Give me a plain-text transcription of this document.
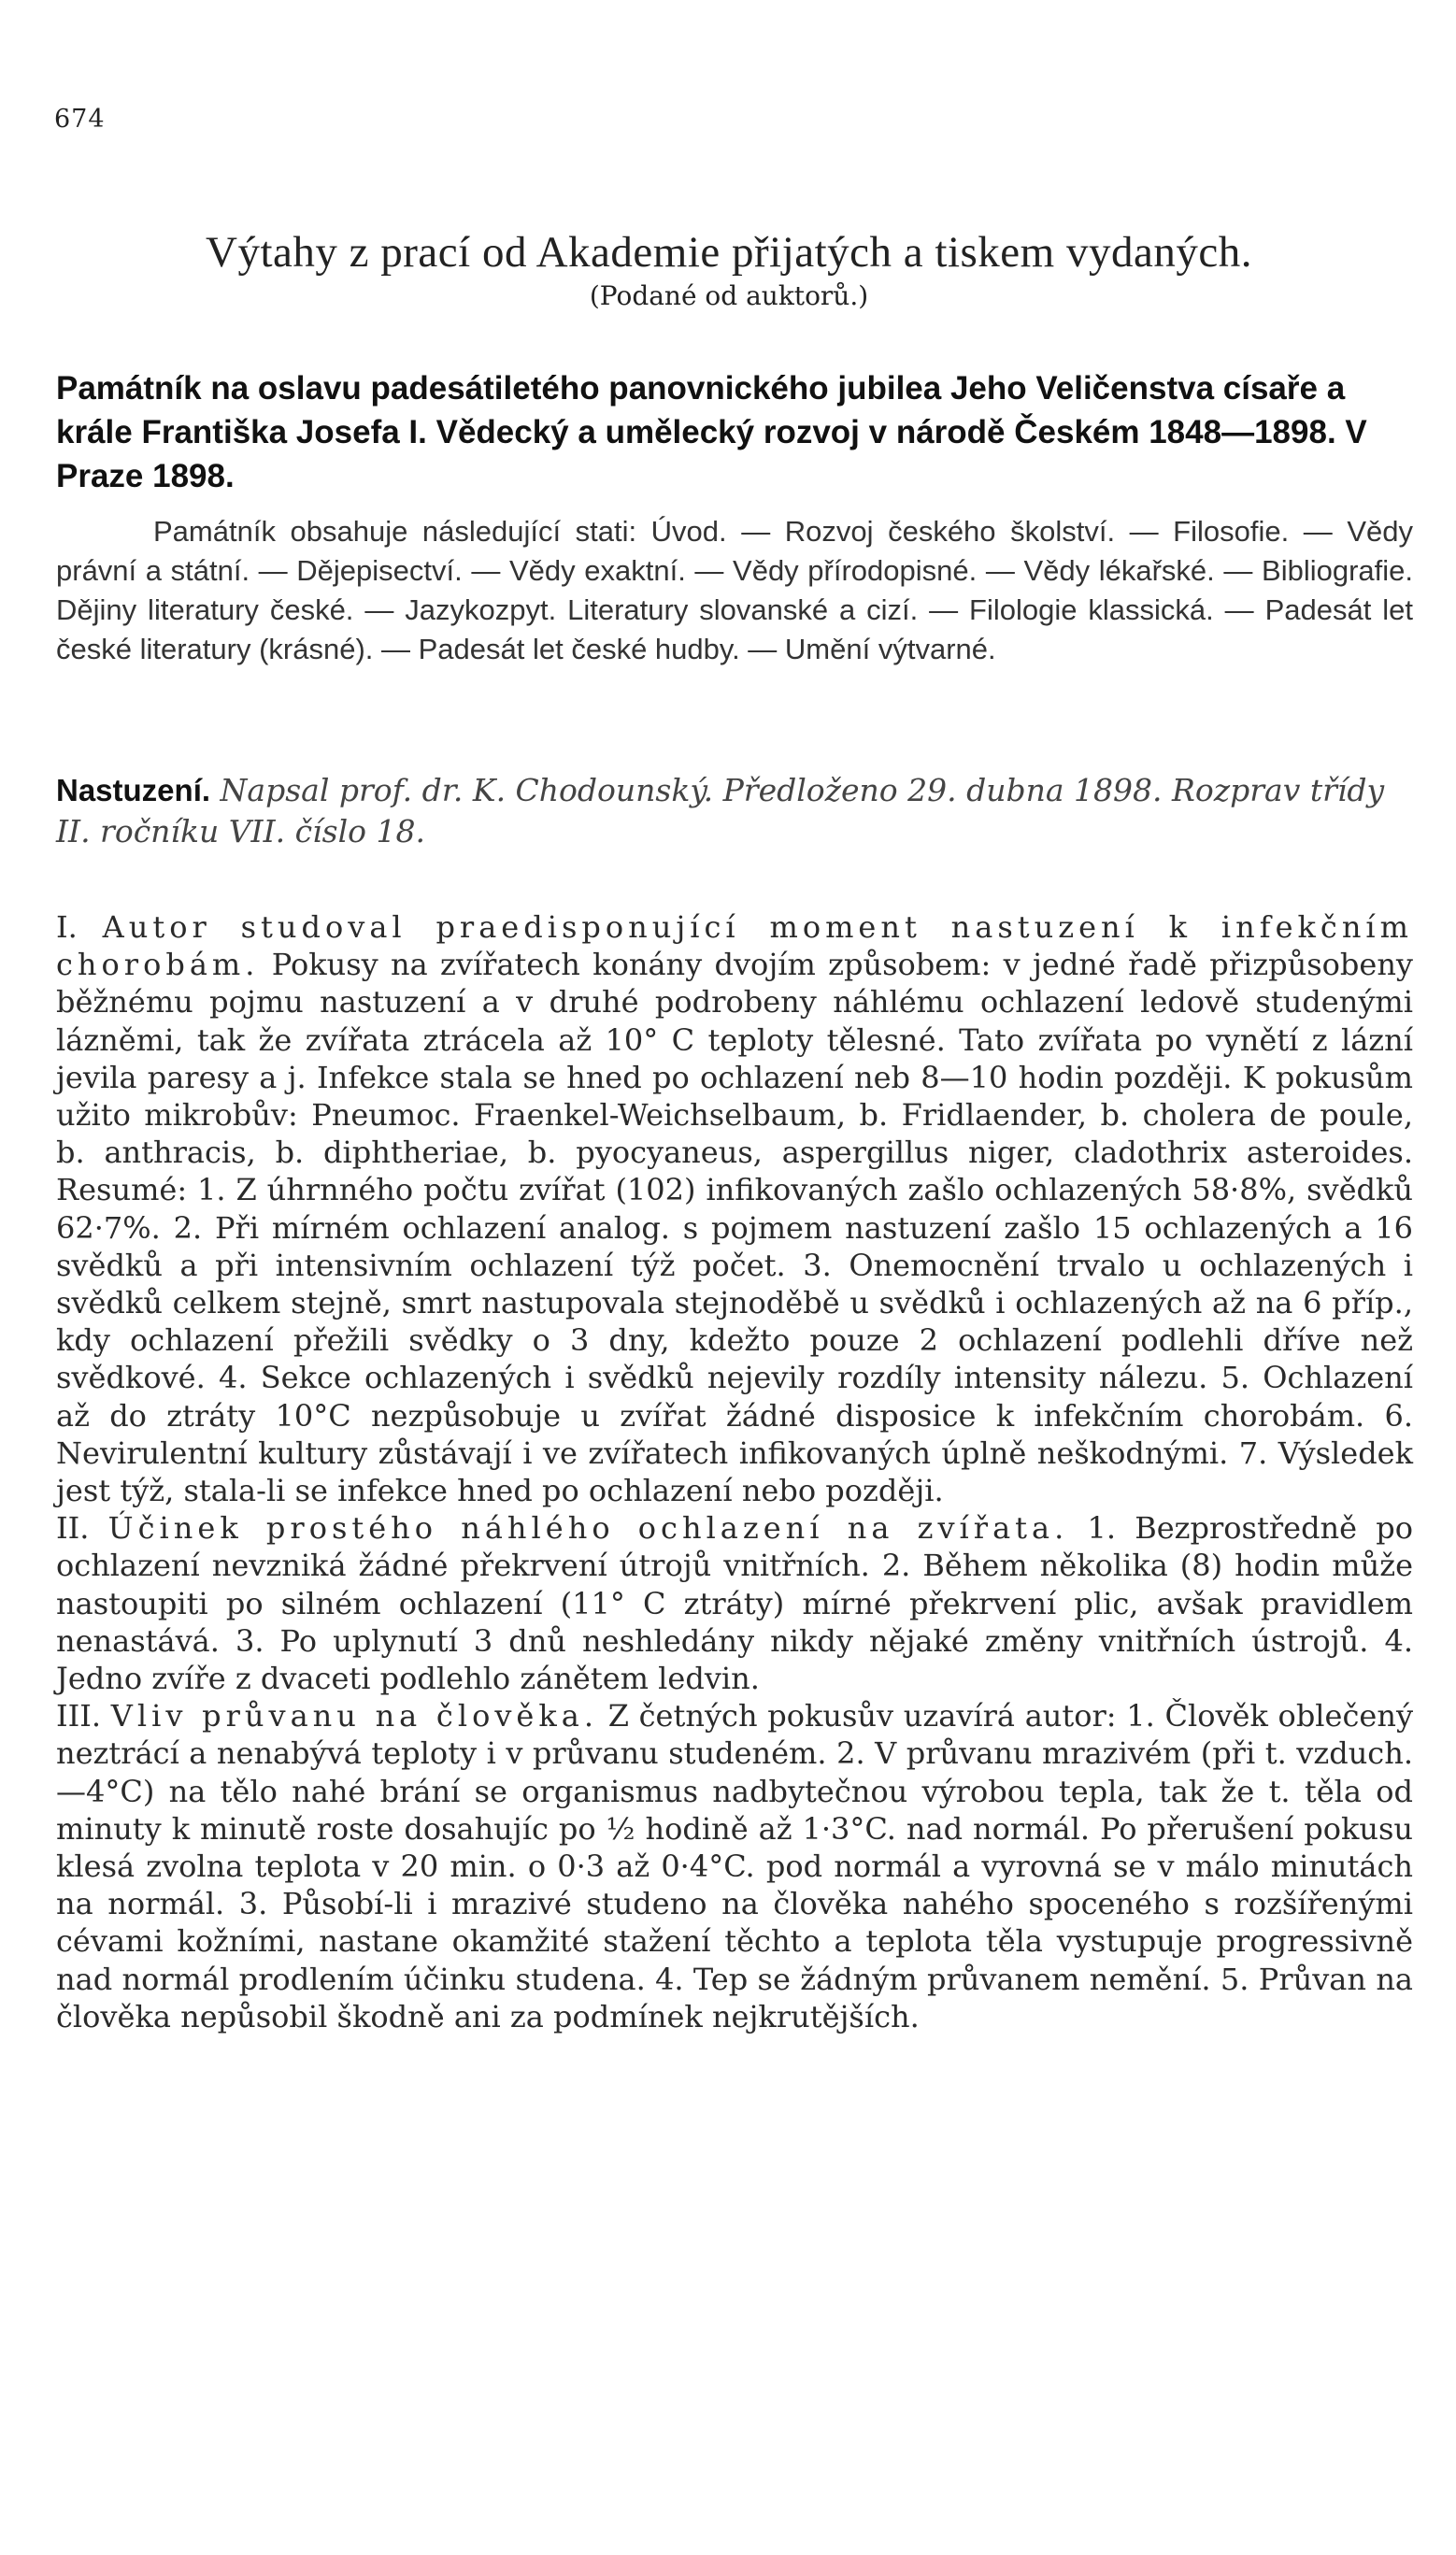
674
Výtahy z prací od Akademie přijatých a tiskem vydaných.
(Podané od auktorů.)
Památník na oslavu padesátiletého panovnického jubilea Jeho Veličenstva císaře a krále Františka Josefa I. Vědecký a umělecký rozvoj v národě Českém 1848—1898. V Praze 1898.
Památník obsahuje následující stati: Úvod. — Rozvoj českého školství. — Filosofie. — Vědy právní a státní. — Dějepisectví. — Vědy exaktní. — Vědy přírodopisné. — Vědy lékařské. — Bibliografie. Dějiny literatury české. — Jazykozpyt. Literatury slovanské a cizí. — Filologie klassická. — Padesát let české literatury (krásné). — Padesát let české hudby. — Umění výtvarné.
Nastuzení. Napsal prof. dr. K. Chodounský. Předloženo 29. dubna 1898. Rozprav třídy II. ročníku VII. číslo 18.

I. Autor studoval praedisponující moment nastuzení k infekčním chorobám. Pokusy na zvířatech konány dvojím způsobem: v jedné řadě přizpůsobeny běžnému pojmu nastuzení a v druhé podrobeny náhlému ochlazení ledově studenými lázněmi, tak že zvířata ztrácela až 10° C teploty tělesné. Tato zvířata po vynětí z lázní jevila paresy a j. Infekce stala se hned po ochlazení neb 8—10 hodin později. K pokusům užito mikrobův: Pneumoc. Fraenkel-Weichselbaum, b. Fridlaender, b. cholera de poule, b. anthracis, b. diphtheriae, b. pyocyaneus, aspergillus niger, cladothrix asteroides. Resumé: 1. Z úhrnného počtu zvířat (102) infikovaných zašlo ochlazených 58·8%, svědků 62·7%. 2. Při mírném ochlazení analog. s pojmem nastuzení zašlo 15 ochlazených a 16 svědků a při intensivním ochlazení týž počet. 3. Onemocnění trvalo u ochlazených i svědků celkem stejně, smrt nastupovala stejnoděbě u svědků i ochlazených až na 6 příp., kdy ochlazení přežili svědky o 3 dny, kdežto pouze 2 ochlazení podlehli dříve než svědkové. 4. Sekce ochlazených i svědků nejevily rozdíly intensity nálezu. 5. Ochlazení až do ztráty 10°C nezpůsobuje u zvířat žádné disposice k infekčním chorobám. 6. Nevirulentní kultury zůstávají i ve zvířatech infikovaných úplně neškodnými. 7. Výsledek jest týž, stala-li se infekce hned po ochlazení nebo později.

II. Účinek prostého náhlého ochlazení na zvířata. 1. Bezprostředně po ochlazení nevzniká žádné překrvení útrojů vnitřních. 2. Během několika (8) hodin může nastoupiti po silném ochlazení (11° C ztráty) mírné překrvení plic, avšak pravidlem nenastává. 3. Po uplynutí 3 dnů neshledány nikdy nějaké změny vnitřních ústrojů. 4. Jedno zvíře z dvaceti podlehlo zánětem ledvin.

III. Vliv průvanu na člověka. Z četných pokusův uzavírá autor: 1. Člověk oblečený neztrácí a nenabývá teploty i v průvanu studeném. 2. V průvanu mrazivém (při t. vzduch. —4°C) na tělo nahé brání se organismus nadbytečnou výrobou tepla, tak že t. těla od minuty k minutě roste dosahujíc po ½ hodině až 1·3°C. nad normál. Po přerušení pokusu klesá zvolna teplota v 20 min. o 0·3 až 0·4°C. pod normál a vyrovná se v málo minutách na normál. 3. Působí-li i mrazivé studeno na člověka nahého spoceného s rozšířenými cévami kožními, nastane okamžité stažení těchto a teplota těla vystupuje progressivně nad normál prodlením účinku studena. 4. Tep se žádným průvanem nemění. 5. Průvan na člověka nepůsobil škodně ani za podmínek nejkrutějších.
